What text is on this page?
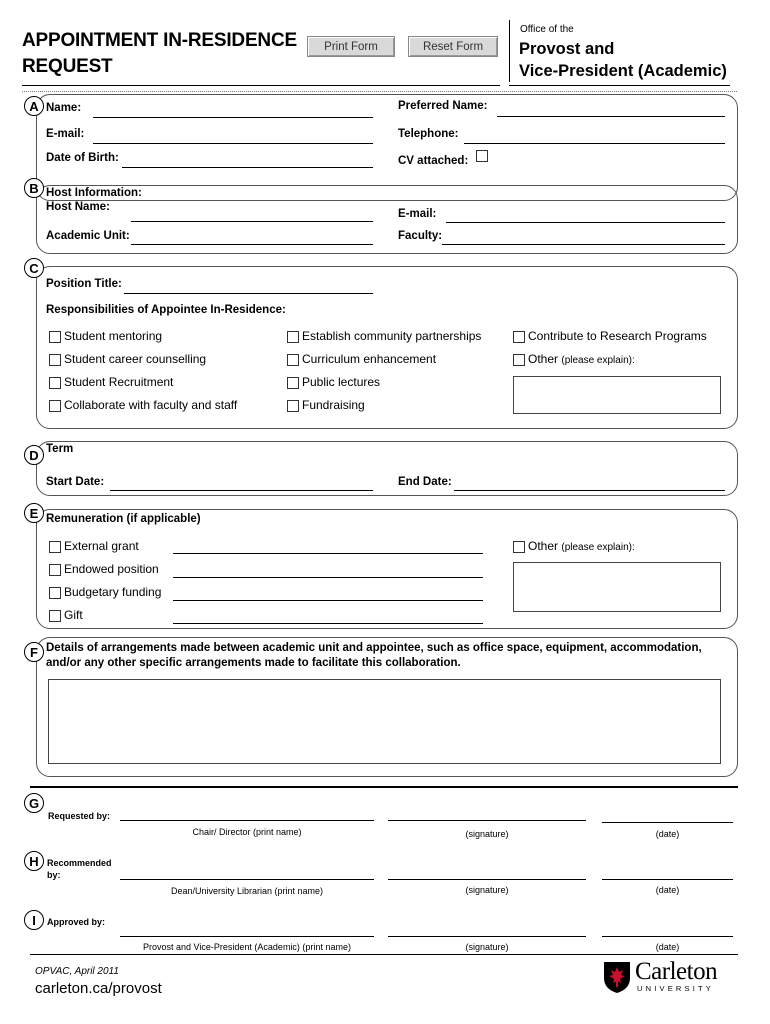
APPOINTMENT IN-RESIDENCE
REQUEST
Print Form	Reset Form
Office of the
Provost and
Vice-President (Academic)
A Name:	Preferred Name:
E-mail:	Telephone:
Date of Birth:	CV attached:
B Host Information:
Host Name:
E-mail:
Academic Unit:	Faculty:
C
Position Title:
Responsibilities of Appointee In-Residence:
Student mentoring
Student career counselling
Student Recruitment
Collaborate with faculty and staff
Establish community partnerships
Curriculum enhancement
Public lectures
Fundraising
Contribute to Research Programs
Other (please explain):
D Term
Start Date:	End Date:
E Remuneration (if applicable)
External grant
Endowed position
Budgetary funding
Gift
Other (please explain):
F Details of arrangements made between academic unit and appointee, such as office space, equipment, accommodation,
and/or any other specific arrangements made to facilitate this collaboration.
G
Requested by:
Chair/ Director (print name)	(signature)	(date)
H Recommended
by:
Dean/University Librarian (print name)	(signature)	(date)
I	Approved by:
Provost and Vice-President (Academic) (print name)	(signature)	(date)
OPVAC, April 2011
carleton.ca/provost
Carleton
UNIVERSITY
